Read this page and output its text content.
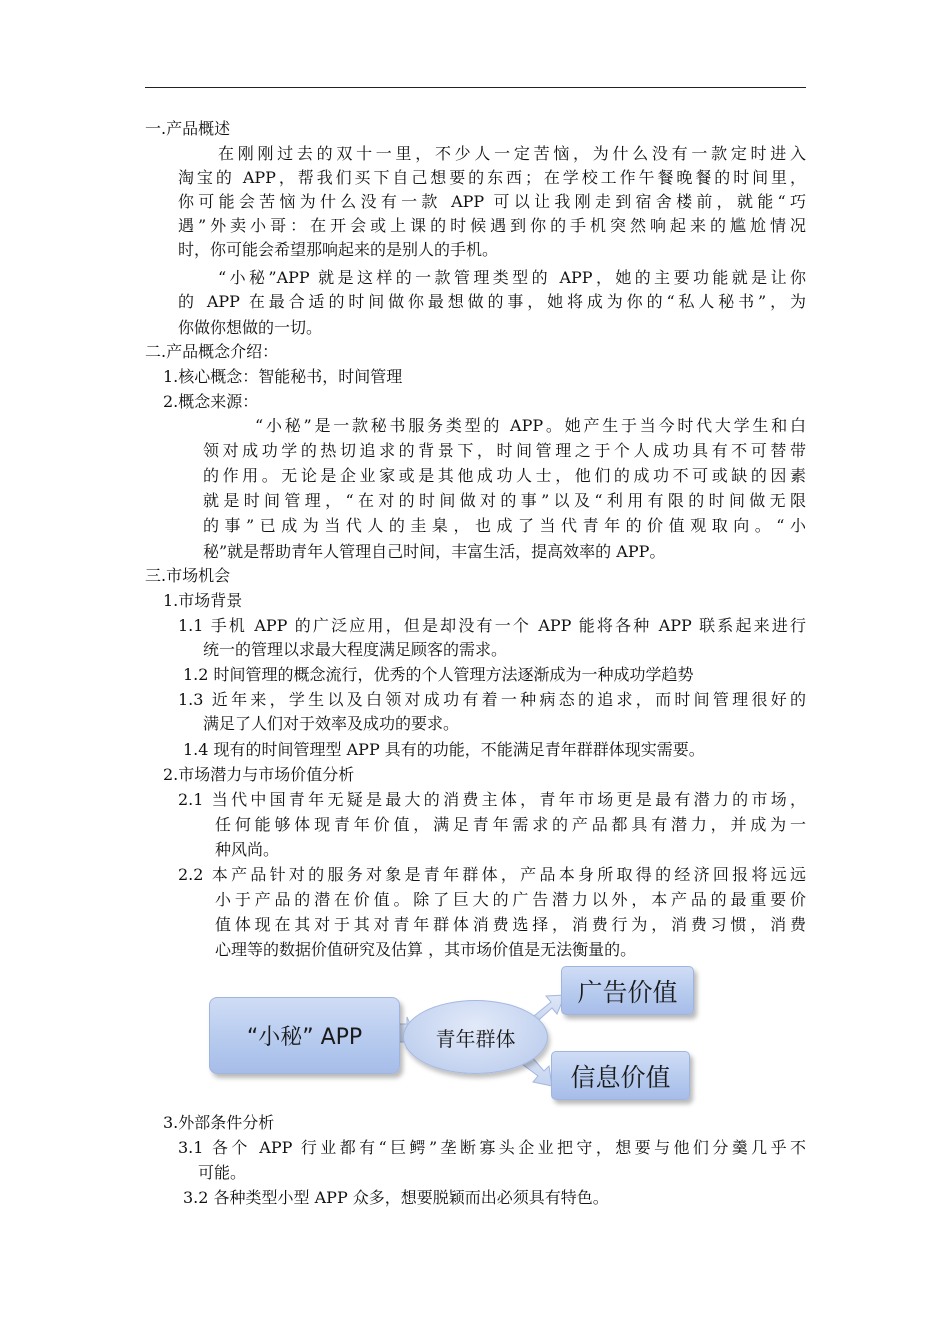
一.产品概述
在刚刚过去的双十一里，不少人一定苦恼，为什么没有一款定时进入
淘宝的 APP，帮我们买下自己想要的东西；在学校工作午餐晚餐的时间里，
你可能会苦恼为什么没有一款 APP 可以让我刚走到宿舍楼前，就能“巧
遇”外卖小哥：在开会或上课的时候遇到你的手机突然响起来的尴尬情况
时，你可能会希望那响起来的是别人的手机。
“小秘”APP 就是这样的一款管理类型的 APP，她的主要功能就是让你
的 APP 在最合适的时间做你最想做的事，她将成为你的“私人秘书”，为
你做你想做的一切。
二.产品概念介绍：
1.核心概念：智能秘书，时间管理
2.概念来源：
“小秘”是一款秘书服务类型的 APP。她产生于当今时代大学生和白
领对成功学的热切追求的背景下，时间管理之于个人成功具有不可替带
的作用。无论是企业家或是其他成功人士，他们的成功不可或缺的因素
就是时间管理，“在对的时间做对的事”以及“利用有限的时间做无限
的事”已成为当代人的圭臬，也成了当代青年的价值观取向。“小
秘”就是帮助青年人管理自己时间，丰富生活，提高效率的 APP。
三.市场机会
1.市场背景
1.1 手机 APP 的广泛应用，但是却没有一个 APP 能将各种 APP 联系起来进行
统一的管理以求最大程度满足顾客的需求。
1.2 时间管理的概念流行，优秀的个人管理方法逐渐成为一种成功学趋势
1.3 近年来，学生以及白领对成功有着一种病态的追求，而时间管理很好的
满足了人们对于效率及成功的要求。
1.4 现有的时间管理型 APP 具有的功能，不能满足青年群群体现实需要。
2.市场潜力与市场价值分析
2.1 当代中国青年无疑是最大的消费主体，青年市场更是最有潜力的市场，
任何能够体现青年价值，满足青年需求的产品都具有潜力，并成为一
种风尚。
2.2 本产品针对的服务对象是青年群体，产品本身所取得的经济回报将远远
小于产品的潜在价值。除了巨大的广告潜力以外，本产品的最重要价
值体现在其对于其对青年群体消费选择，消费行为，消费习惯，消费
心理等的数据价值研究及估算 ，其市场价值是无法衡量的。
3.外部条件分析
3.1 各个 APP 行业都有“巨鳄”垄断寡头企业把守，想要与他们分羹几乎不
可能。
3.2 各种类型小型 APP 众多，想要脱颖而出必须具有特色。
“小秘” APP	青年群体
广告价值
信息价值
